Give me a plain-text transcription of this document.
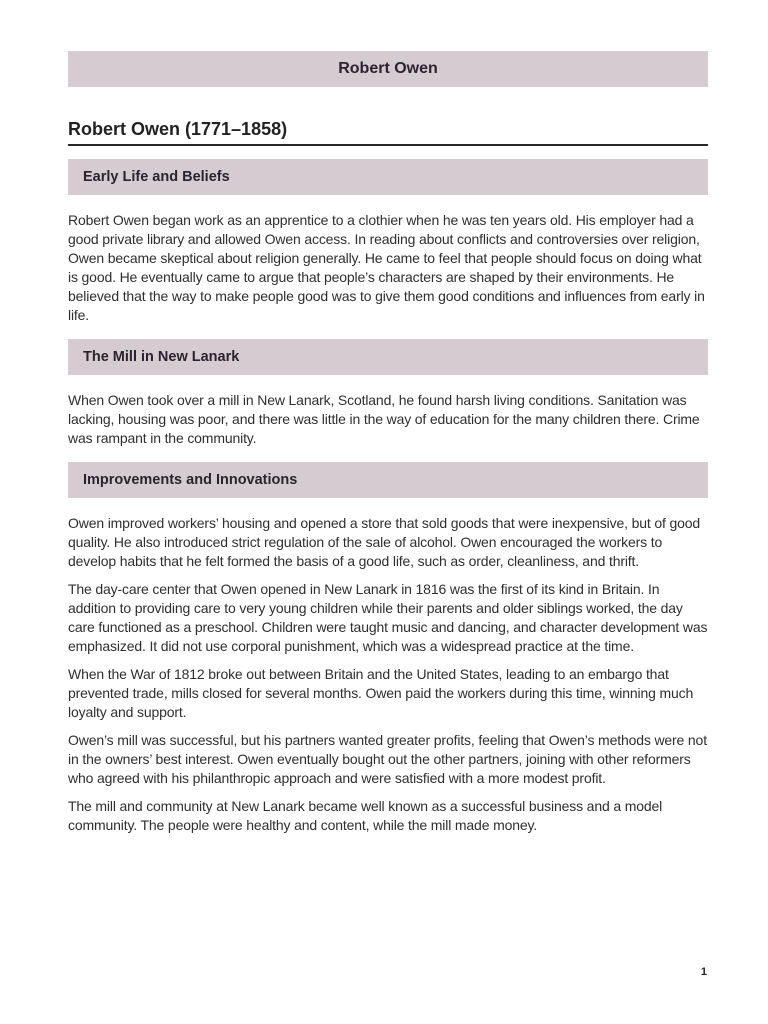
Robert Owen
Robert Owen (1771–1858)
Early Life and Beliefs

Robert Owen began work as an apprentice to a clothier when he was ten years old. His employer had a good private library and allowed Owen access. In reading about conflicts and controversies over religion, Owen became skeptical about religion generally. He came to feel that people should focus on doing what is good. He eventually came to argue that people’s characters are shaped by their environments. He believed that the way to make people good was to give them good conditions and influences from early in life.

The Mill in New Lanark

When Owen took over a mill in New Lanark, Scotland, he found harsh living conditions. Sanitation was lacking, housing was poor, and there was little in the way of education for the many children there. Crime was rampant in the community.

Improvements and Innovations

Owen improved workers’ housing and opened a store that sold goods that were inexpensive, but of good quality. He also introduced strict regulation of the sale of alcohol. Owen encouraged the workers to develop habits that he felt formed the basis of a good life, such as order, cleanliness, and thrift.

The day-care center that Owen opened in New Lanark in 1816 was the first of its kind in Britain. In addition to providing care to very young children while their parents and older siblings worked, the day care functioned as a preschool. Children were taught music and dancing, and character development was emphasized. It did not use corporal punishment, which was a widespread practice at the time.

When the War of 1812 broke out between Britain and the United States, leading to an embargo that prevented trade, mills closed for several months. Owen paid the workers during this time, winning much loyalty and support.

Owen’s mill was successful, but his partners wanted greater profits, feeling that Owen’s methods were not in the owners’ best interest. Owen eventually bought out the other partners, joining with other reformers who agreed with his philanthropic approach and were satisfied with a more modest profit.

The mill and community at New Lanark became well known as a successful business and a model community. The people were healthy and content, while the mill made money.

1
